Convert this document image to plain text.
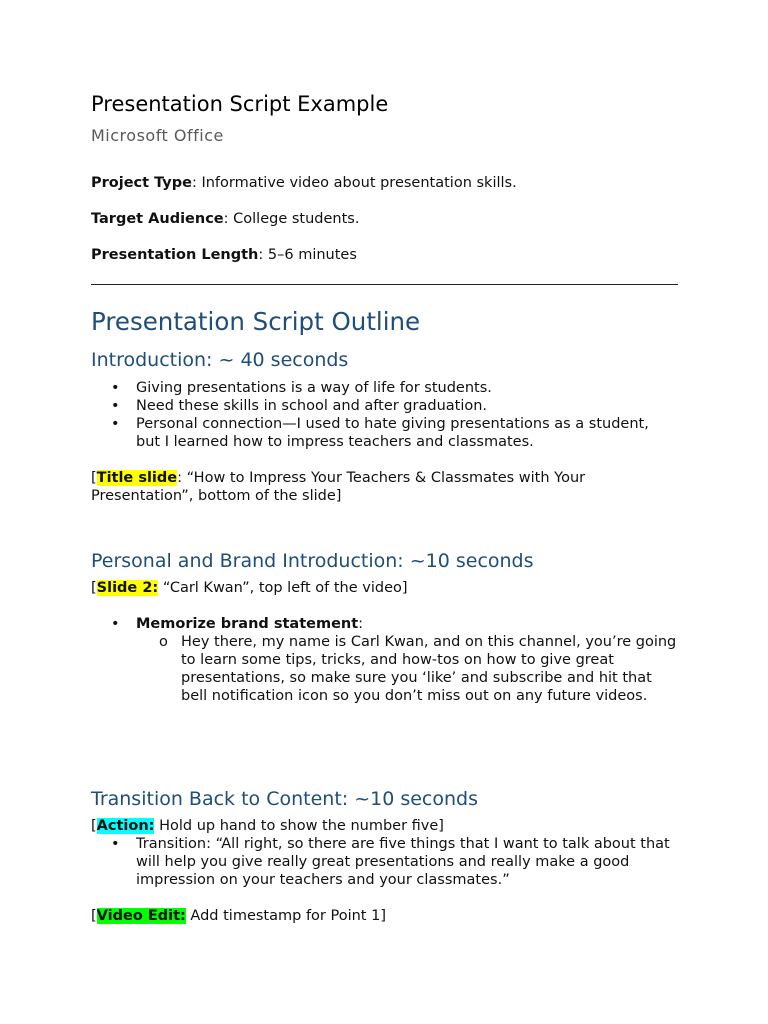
Presentation Script Example
Microsoft Office
Project Type: Informative video about presentation skills.
Target Audience: College students.
Presentation Length: 5–6 minutes
Presentation Script Outline
Introduction: ~ 40 seconds
• Giving presentations is a way of life for students.
• Need these skills in school and after graduation.
• Personal connection—I used to hate giving presentations as a student, but I learned how to impress teachers and classmates.
[Title slide: “How to Impress Your Teachers & Classmates with Your Presentation”, bottom of the slide]
Personal and Brand Introduction: ~10 seconds
[Slide 2: “Carl Kwan”, top left of the video]
• Memorize brand statement:
o Hey there, my name is Carl Kwan, and on this channel, you’re going to learn some tips, tricks, and how-tos on how to give great presentations, so make sure you ‘like’ and subscribe and hit that bell notification icon so you don’t miss out on any future videos.
Transition Back to Content: ~10 seconds
[Action: Hold up hand to show the number five]
• Transition: “All right, so there are five things that I want to talk about that will help you give really great presentations and really make a good impression on your teachers and your classmates.”
[Video Edit: Add timestamp for Point 1]
